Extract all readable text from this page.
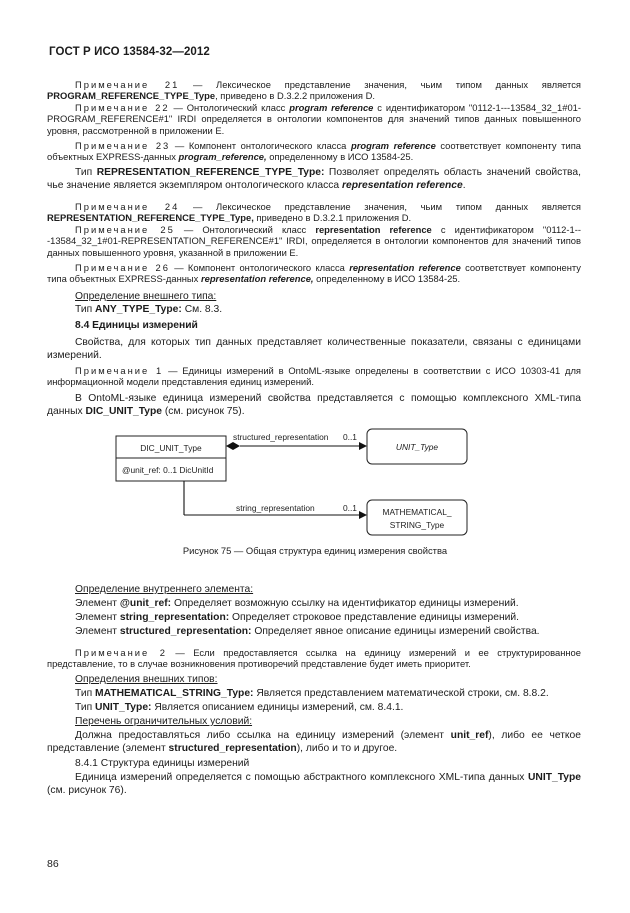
ГОСТ Р ИСО 13584-32—2012
Примечание 21 — Лексическое представление значения, чьим типом данных является PROGRAM_REFERENCE_TYPE_Type, приведено в D.3.2.2 приложения D.
Примечание 22 — Онтологический класс program reference с идентификатором "0112-1---13584_32_1#01-PROGRAM_REFERENCE#1" IRDI определяется в онтологии компонентов для значений типов данных повышенного уровня, рассмотренной в приложении Е.
Примечание 23 — Компонент онтологического класса program reference соответствует компоненту типа объектных EXPRESS-данных program_reference, определенному в ИСО 13584-25.
Тип REPRESENTATION_REFERENCE_TYPE_Type: Позволяет определять область значений свойства, чье значение является экземпляром онтологического класса representation reference.
Примечание 24 — Лексическое представление значения, чьим типом данных является REPRESENTATION_REFERENCE_TYPE_Type, приведено в D.3.2.1 приложения D.
Примечание 25 — Онтологический класс representation reference с идентификатором "0112-1---13584_32_1#01-REPRESENTATION_REFERENCE#1" IRDI, определяется в онтологии компонентов для значений типов данных повышенного уровня, указанной в приложении Е.
Примечание 26 — Компонент онтологического класса representation reference соответствует компоненту типа объектных EXPRESS-данных representation reference, определенному в ИСО 13584-25.
Определение внешнего типа:
Тип ANY_TYPE_Type: См. 8.3.
8.4 Единицы измерений
Свойства, для которых тип данных представляет количественные показатели, связаны с единицами измерений.
Примечание 1 — Единицы измерений в OntoML-языке определены в соответствии с ИСО 10303-41 для информационной модели представления единиц измерений.
В OntoML-языке единица измерений свойства представляется с помощью комплексного XML-типа данных DIC_UNIT_Type (см. рисунок 75).
DIC_UNIT_Type
@unit_ref: 0..1 DicUnitId
structured_representation 0..1
string_representation	0..1
UNIT_Type
MATHEMATICAL_
STRING_Type
Рисунок 75 — Общая структура единиц измерения свойства
Определение внутреннего элемента:
Элемент @unit_ref: Определяет возможную ссылку на идентификатор единицы измерений.
Элемент string_representation: Определяет строковое представление единицы измерений.
Элемент structured_representation: Определяет явное описание единицы измерений свойства.
Примечание 2 — Если предоставляется ссылка на единицу измерений и ее структурированное представление, то в случае возникновения противоречий представление будет иметь приоритет.
Определения внешних типов:
Тип MATHEMATICAL_STRING_Type: Является представлением математической строки, см. 8.8.2.
Тип UNIT_Type: Является описанием единицы измерений, см. 8.4.1.
Перечень ограничительных условий:
Должна предоставляться либо ссылка на единицу измерений (элемент unit_ref), либо ее четкое представление (элемент structured_representation), либо и то и другое.
8.4.1 Структура единицы измерений
Единица измерений определяется с помощью абстрактного комплексного XML-типа данных UNIT_Type (см. рисунок 76).
86
